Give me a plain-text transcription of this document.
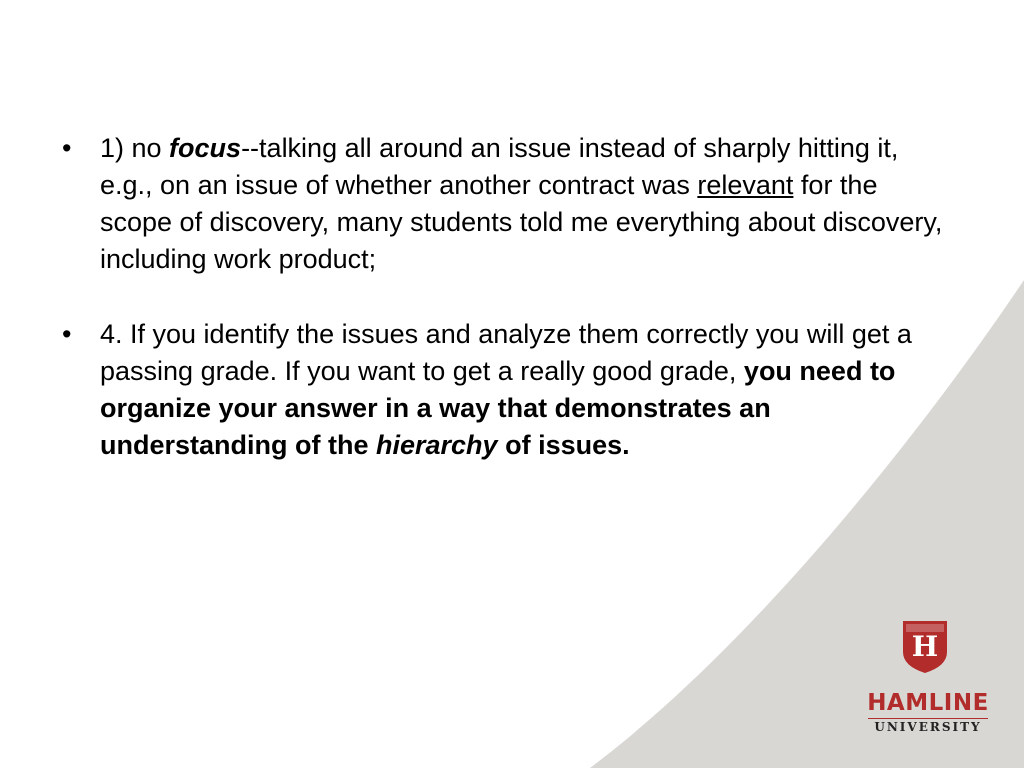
• 1) no focus--talking all around an issue instead of sharply hitting it, e.g., on an issue of whether another contract was relevant for the scope of discovery, many students told me everything about discovery, including work product;
• 4. If you identify the issues and analyze them correctly you will get a passing grade. If you want to get a really good grade, you need to organize your answer in a way that demonstrates an understanding of the hierarchy of issues.
H
HAMLINE
UNIVERSITY
